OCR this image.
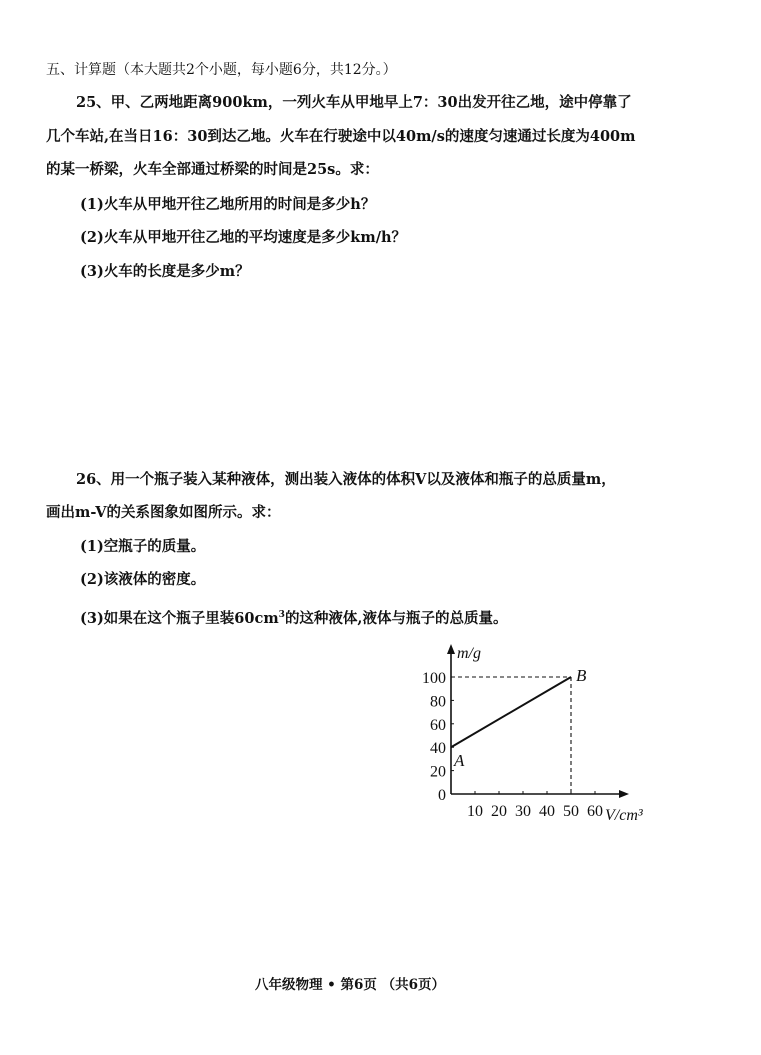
五、计算题（本大题共2个小题，每小题6分，共12分。）
25、甲、乙两地距离900km，一列火车从甲地早上7：30出发开往乙地，途中停靠了
几个车站,在当日16：30到达乙地。火车在行驶途中以40m/s的速度匀速通过长度为400m
的某一桥梁，火车全部通过桥梁的时间是25s。求：
(1)火车从甲地开往乙地所用的时间是多少h？
(2)火车从甲地开往乙地的平均速度是多少km/h？
(3)火车的长度是多少m？
26、用一个瓶子装入某种液体，测出装入液体的体积V以及液体和瓶子的总质量m，
画出m-V的关系图象如图所示。求：
(1)空瓶子的质量。
(2)该液体的密度。
(3)如果在这个瓶子里装$60cm^3$的这种液体,液体与瓶子的总质量。
m/g
V/cm³
10 20 30 40 50 60
0
20
40
60
80
100
A
B
八年级物理 • 第6页 （共6页）
